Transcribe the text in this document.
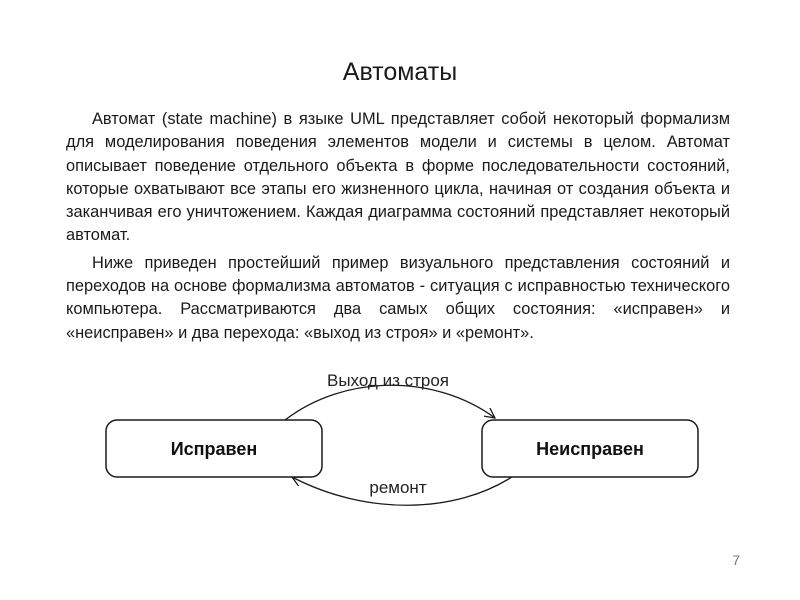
Автоматы

Автомат (state machine) в языке UML представляет собой некоторый формализм для моделирования поведения элементов модели и системы в целом. Автомат описывает поведение отдельного объекта в форме последовательности состояний, которые охватывают все этапы его жизненного цикла, начиная от создания объекта и заканчивая его уничтожением. Каждая диаграмма состояний представляет некоторый автомат.

Ниже приведен простейший пример визуального представления состояний и переходов на основе формализма автоматов - ситуация с исправностью технического компьютера. Рассматриваются два самых общих состояния: «исправен» и «неисправен» и два перехода: «выход из строя» и «ремонт».

Выход из строя
ремонт
Исправен	Неисправен
7
